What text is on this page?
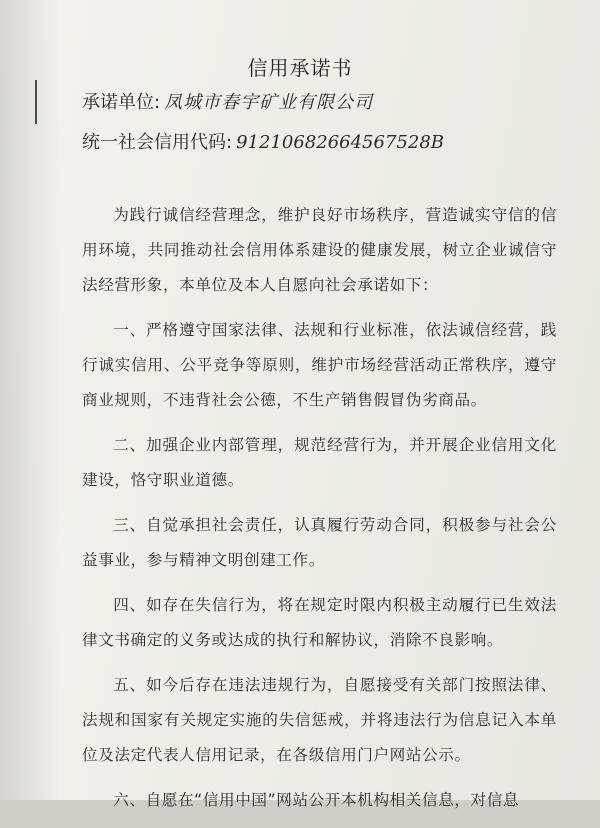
信用承诺书
承诺单位: 凤城市春宇矿业有限公司
统一社会信用代码: 91210682664567528B

为践行诚信经营理念，维护良好市场秩序，营造诚实守信的信用环境，共同推动社会信用体系建设的健康发展，树立企业诚信守法经营形象，本单位及本人自愿向社会承诺如下：

一、严格遵守国家法律、法规和行业标准，依法诚信经营，践行诚实信用、公平竞争等原则，维护市场经营活动正常秩序，遵守商业规则，不违背社会公德，不生产销售假冒伪劣商品。

二、加强企业内部管理，规范经营行为，并开展企业信用文化建设，恪守职业道德。

三、自觉承担社会责任，认真履行劳动合同，积极参与社会公益事业，参与精神文明创建工作。

四、如存在失信行为，将在规定时限内积极主动履行已生效法律文书确定的义务或达成的执行和解协议，消除不良影响。

五、如今后存在违法违规行为，自愿接受有关部门按照法律、法规和国家有关规定实施的失信惩戒，并将违法行为信息记入本单位及法定代表人信用记录，在各级信用门户网站公示。

六、自愿在“信用中国”网站公开本机构相关信息，对信息
